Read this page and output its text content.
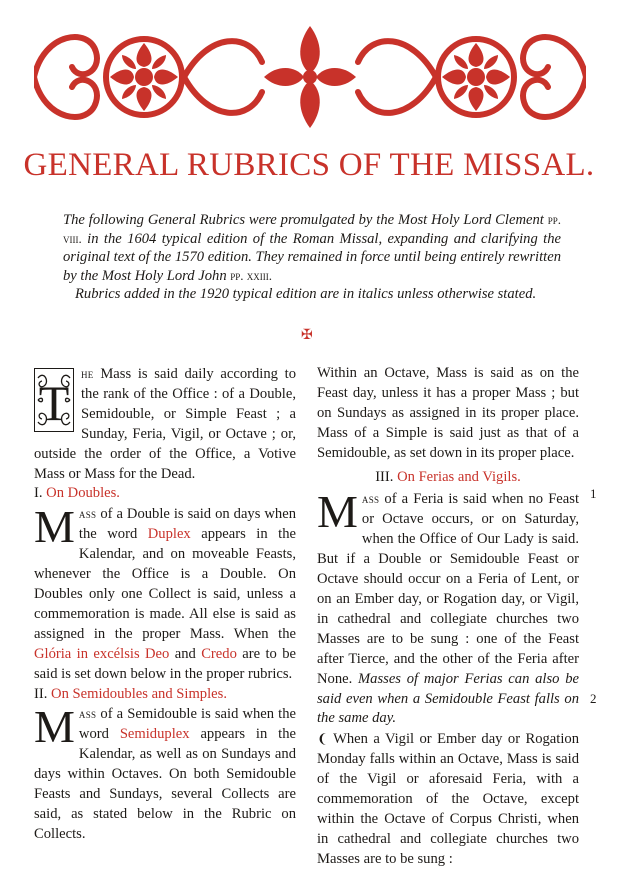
GENERAL RUBRICS OF THE MISSAL.

The following General Rubrics were promulgated by the Most Holy Lord Clement pp. viii. in the 1604 typical edition of the Roman Missal, expanding and clarifying the original text of the 1570 edition. They remained in force until being entirely rewritten by the Most Holy Lord John pp. xxiii.

Rubrics added in the 1920 typical edition are in italics unless otherwise stated.

✠

T
he Mass is said daily according to the rank of the Office : of a Double, Semidouble, or Simple Feast ; a Sunday, Feria, Vigil, or Octave ; or, outside the order of the Office, a Votive Mass or Mass for the Dead.

I. On Doubles.

Mass of a Double is said on days when the word Duplex appears in the Kalendar, and on moveable Feasts, whenever the Office is a Double. On Doubles only one Collect is said, unless a commemoration is made. All else is said as assigned in the proper Mass. When the Glória in excélsis Deo and Credo are to be said is set down below in the proper rubrics.

II. On Semidoubles and Simples.

Mass of a Semidouble is said when the word Semiduplex appears in the Kalendar, as well as on Sundays and days within Octaves. On both Semidouble Feasts and Sundays, several Collects are said, as stated below in the Rubric on Collects.

Within an Octave, Mass is said as on the Feast day, unless it has a proper Mass ; but on Sundays as assigned in its proper place. Mass of a Simple is said just as that of a Semidouble, as set down in its proper place.

III. On Ferias and Vigils.

Mass of a Feria is said when no Feast or Octave occurs, or on Saturday, when the Office of Our Lady is said. But if a Double or Semidouble Feast or Octave should occur on a Feria of Lent, or on an Ember day, or Rogation day, or Vigil, in cathedral and collegiate churches two Masses are to be sung : one of the Feast after Tierce, and the other of the Feria after None. Masses of major Ferias can also be said even when a Semidouble Feast falls on the same day.

❨ When a Vigil or Ember day or Rogation Monday falls within an Octave, Mass is said of the Vigil or aforesaid Feria, with a commemoration of the Octave, except within the Octave of Corpus Christi, when in cathedral and collegiate churches two Masses are to be sung :

1
2
